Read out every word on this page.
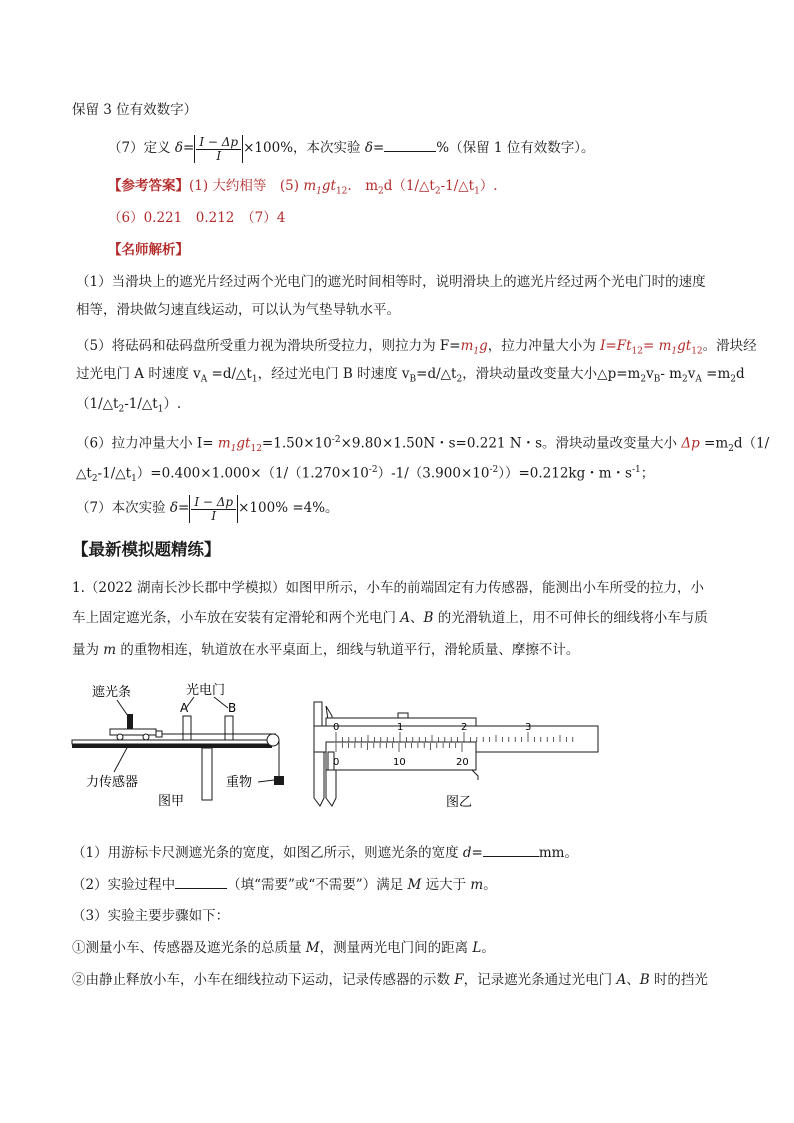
保留 3 位有效数字）
（7）定义 $\delta= \frac{I - \Delta p}{I} \times 100\%$，本次实验 δ=	%（保留 1 位有效数字）。
【参考答案】(1) 大约相等　(5) $m_1gt_{12}$.　$m_2d(1/\triangle t_2-1/\triangle t_1)$.
（6）0.221　0.212　（7）4
【名师解析】
（1）当滑块上的遮光片经过两个光电门的遮光时间相等时，说明滑块上的遮光片经过两个光电门时的速度
相等，滑块做匀速直线运动，可以认为气垫导轨水平。
（5）将砝码和砝码盘所受重力视为滑块所受拉力，则拉力为 $F=m_1g$，拉力冲量大小为 $I=Ft_{12}= m_1gt_{12}$。滑块经
过光电门 A 时速度 $v_A$ $=d/\triangle t_1$，经过光电门 B 时速度 $v_B=d/\triangle t_2$，滑块动量改变量大小$\triangle p=m_2v_B-$ $m_2v_A =m_2d$
$(1/\triangle t_2-1/\triangle t_1)$.
（6）拉力冲量大小 $I= m_1gt_{12}=1.50\times 10^{-2}\times 9.80\times 1.50N$・s=0.221 N・s。滑块动量改变量大小 $\Delta p =m_2d(1/$
$\triangle t_2-1/\triangle t_1)=0.400\times 1.000\times(1/(1.270\times 10^{-2})-1/(3.900\times 10^{-2}))=0.212kg$・m・$s^{-1}$；
（7）本次实验 $\delta= \frac{I - \Delta p}{I} \times 100\% =4\%$。
【最新模拟题精练】
1.（2022 湖南长沙长郡中学模拟）如图甲所示，小车的前端固定有力传感器，能测出小车所受的拉力，小
车上固定遮光条，小车放在安装有定滑轮和两个光电门 A、B 的光滑轨道上，用不可伸长的细线将小车与质
量为 m 的重物相连，轨道放在水平桌面上，细线与轨道平行，滑轮质量、摩擦不计。
遮光条	光电门
A	B
重物
力传感器
图甲
0	1	2	3
0	10	20
图乙
（1）用游标卡尺测遮光条的宽度，如图乙所示，则遮光条的宽度 d=	mm。
（2）实验过程中	（填“需要”或“不需要”）满足 M 远大于 m。
（3）实验主要步骤如下：
①测量小车、传感器及遮光条的总质量 M，测量两光电门间的距离 L。
②由静止释放小车，小车在细线拉动下运动，记录传感器的示数 F，记录遮光条通过光电门 A、B 时的挡光
